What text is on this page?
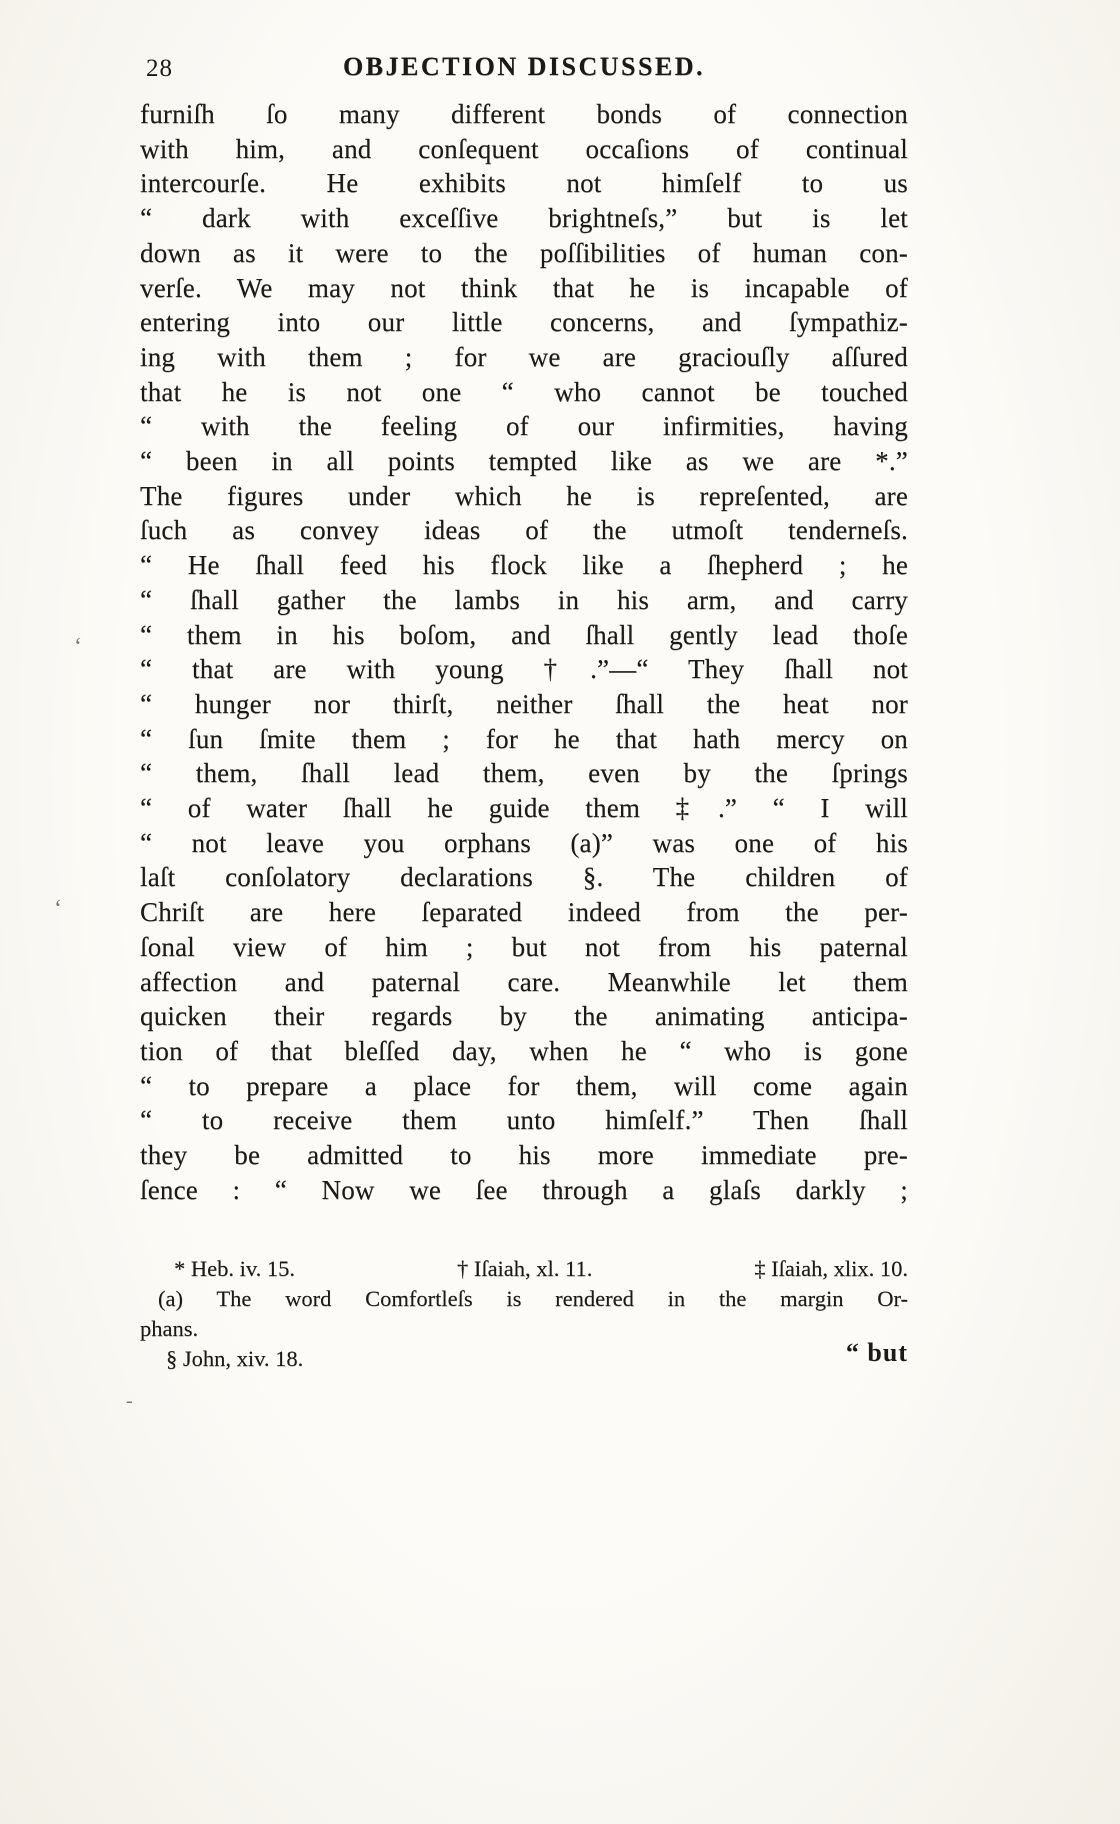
28	OBJECTION DISCUSSED.
furniſh ſo many different bonds of connection
with him, and conſequent occaſions of continual
intercourſe. He exhibits not himſelf to us
“ dark with exceſſive brightneſs,” but is let
down as it were to the poſſibilities of human con-
verſe. We may not think that he is incapable of
entering into our little concerns, and ſympathiz-
ing with them ; for we are graciouſly aſſured
that he is not one “ who cannot be touched
“ with the feeling of our infirmities, having
“ been in all points tempted like as we are *.”
The figures under which he is repreſented, are
ſuch as convey ideas of the utmoſt tenderneſs.
“ He ſhall feed his flock like a ſhepherd ; he
“ ſhall gather the lambs in his arm, and carry
“ them in his boſom, and ſhall gently lead thoſe
“ that are with young †.”—“ They ſhall not
“ hunger nor thirſt, neither ſhall the heat nor
“ ſun ſmite them ; for he that hath mercy on
“ them, ſhall lead them, even by the ſprings
“ of water ſhall he guide them ‡.” “ I will
“ not leave you orphans (a)” was one of his
laſt conſolatory declarations §. The children of
Chriſt are here ſeparated indeed from the per-
ſonal view of him ; but not from his paternal
affection and paternal care. Meanwhile let them
quicken their regards by the animating anticipa-
tion of that bleſſed day, when he “ who is gone
“ to prepare a place for them, will come again
“ to receive them unto himſelf.” Then ſhall
they be admitted to his more immediate pre-
ſence : “ Now we ſee through a glaſs darkly ;
* Heb. iv. 15.	† Iſaiah, xl. 11.	‡ Iſaiah, xlix. 10.
(a) The word Comfortleſs is rendered in the margin Or-
phans.
§ John, xiv. 18.	“ but
‘
‘
-
